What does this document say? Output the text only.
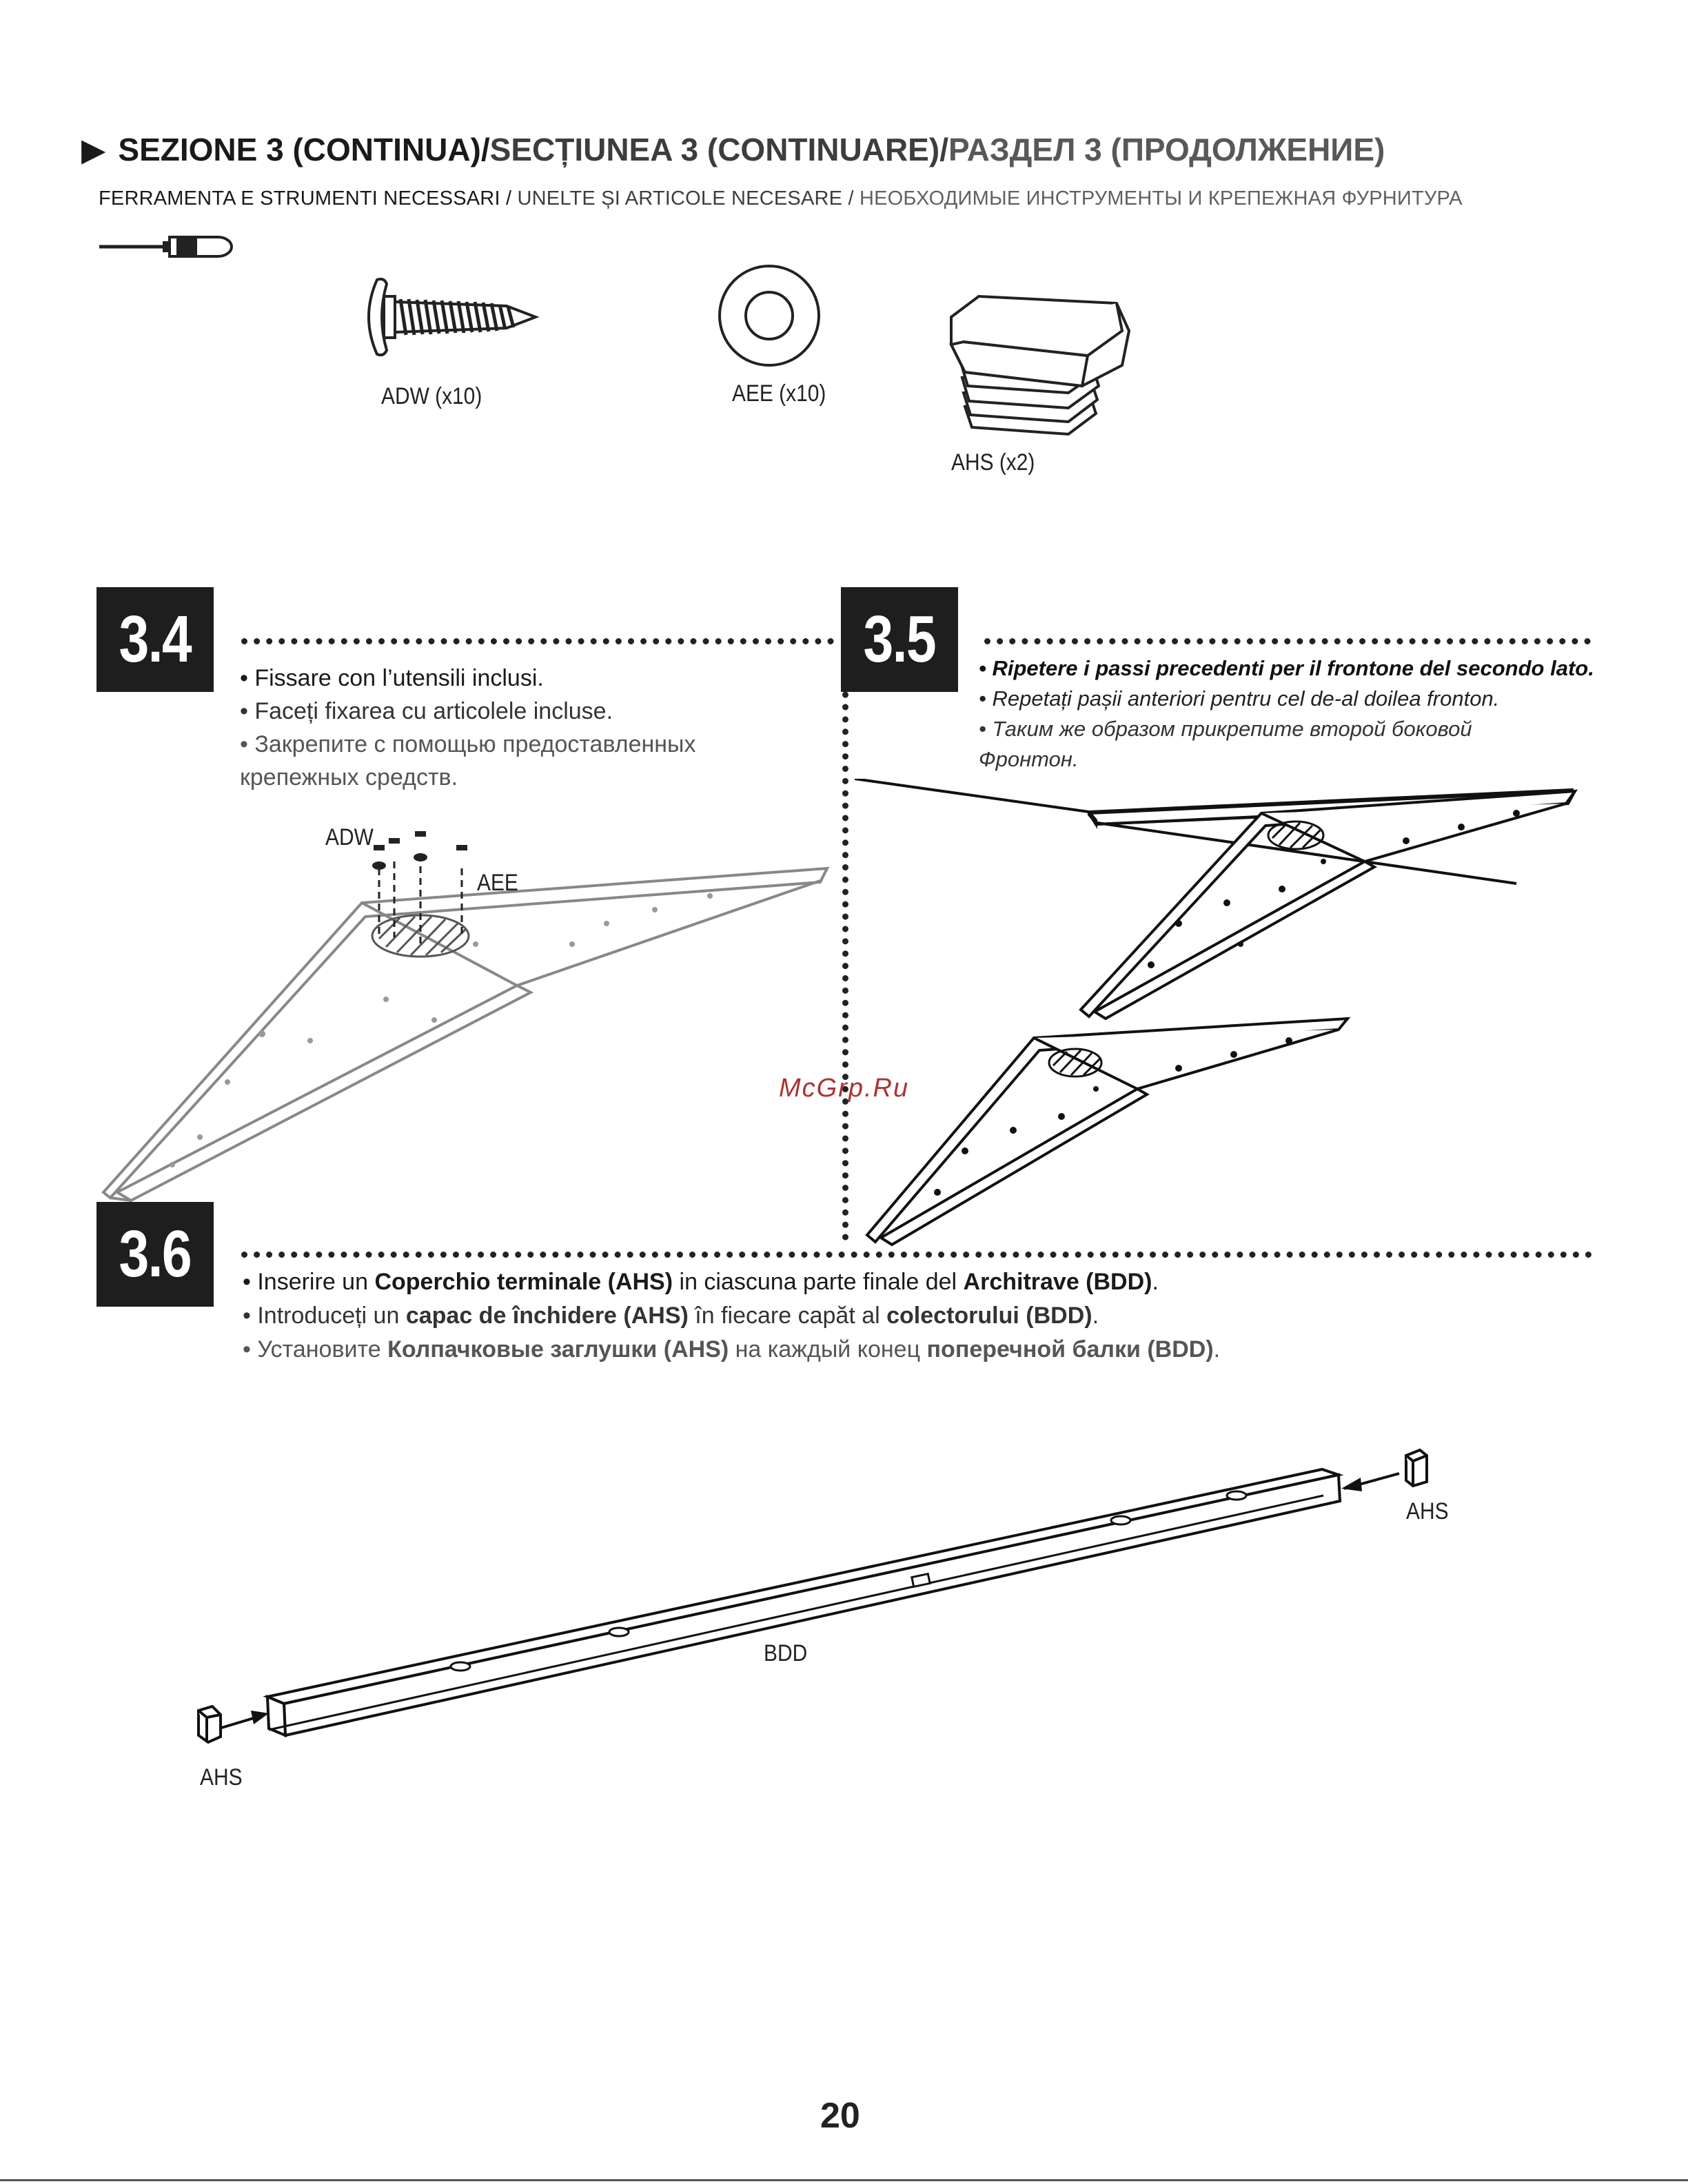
▶ SEZIONE 3 (CONTINUA) / SECȚIUNEA 3 (CONTINUARE) / РАЗДЕЛ 3 (ПРОДОЛЖЕНИЕ)
FERRAMENTA E STRUMENTI NECESSARI / UNELTE ȘI ARTICOLE NECESARE / НЕОБХОДИМЫЕ ИНСТРУМЕНТЫ И КРЕПЕЖНАЯ ФУРНИТУРА
ADW (x10)	AEE (x10)
AHS (x2)
3.4
• Fissare con l’utensili inclusi.
• Faceți fixarea cu articolele incluse.
• Закрепите с помощью предоставленных
крепежных средств.
ADW
AEE
3.5 • Ripetere i passi precedenti per il frontone del secondo lato.
• Repetați pașii anteriori pentru cel de-al doilea fronton.
• Таким же образом прикрепите второй боковой
Фронтон.
McGrp.Ru
3.6 • Inserire un Coperchio terminale (AHS) in ciascuna parte finale del Architrave (BDD).
• Introduceți un capac de închidere (AHS) în fiecare capăt al colectorului (BDD).
• Установите Колпачковые заглушки (AHS) на каждый конец поперечной балки (BDD).
BDD
AHS
AHS
20
